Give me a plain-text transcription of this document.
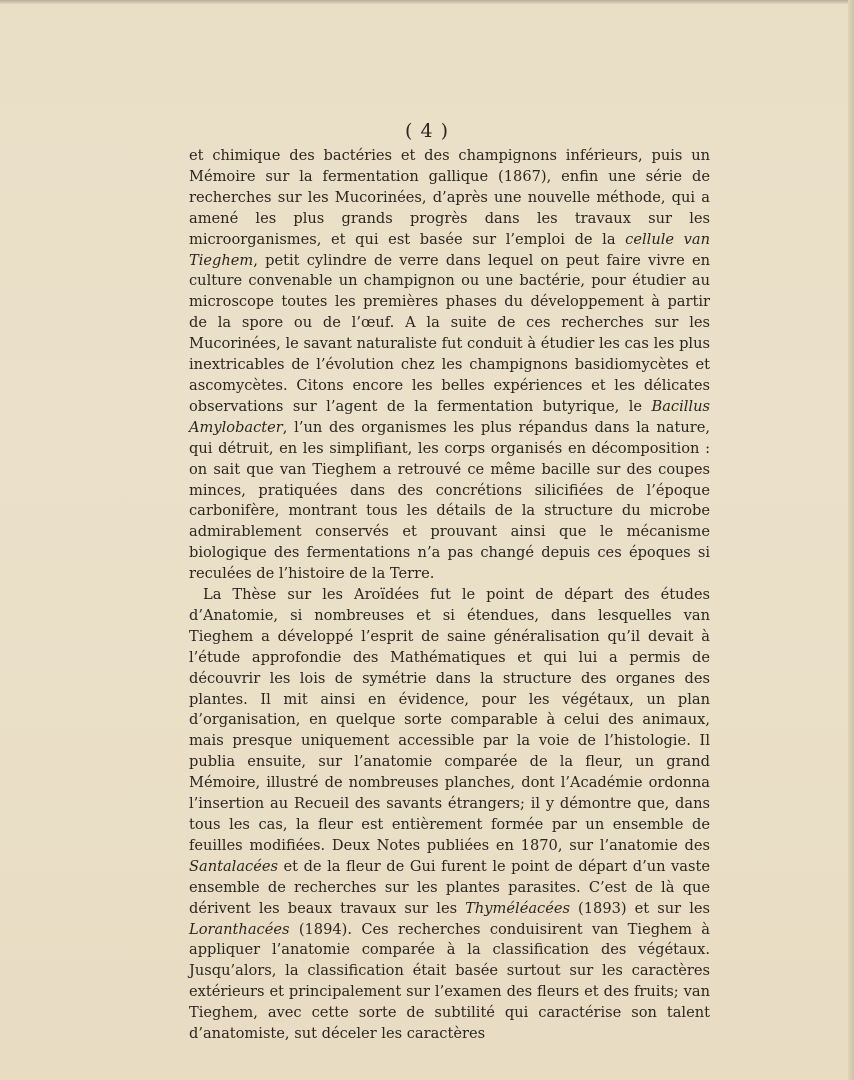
( 4 )

et chimique des bactéries et des champignons inférieurs, puis un Mémoire sur la fermentation gallique (1867), enfin une série de recherches sur les Mucorinées, d’après une nouvelle méthode, qui a amené les plus grands progrès dans les travaux sur les microorganismes, et qui est basée sur l’emploi de la cellule van Tieghem, petit cylindre de verre dans lequel on peut faire vivre en culture convenable un champignon ou une bactérie, pour étudier au microscope toutes les premières phases du développement à partir de la spore ou de l’œuf. A la suite de ces recherches sur les Mucorinées, le savant naturaliste fut conduit à étudier les cas les plus inextricables de l’évolution chez les champignons basidiomycètes et ascomycètes. Citons encore les belles expériences et les délicates observations sur l’agent de la fermentation butyrique, le Bacillus Amylobacter, l’un des organismes les plus répandus dans la nature, qui détruit, en les simplifiant, les corps organisés en décomposition : on sait que van Tieghem a retrouvé ce même bacille sur des coupes minces, pratiquées dans des concrétions silicifiées de l’époque carbonifère, montrant tous les détails de la structure du microbe admirablement conservés et prouvant ainsi que le mécanisme biologique des fermentations n’a pas changé depuis ces époques si reculées de l’histoire de la Terre.

La Thèse sur les Aroïdées fut le point de départ des études d’Anatomie, si nombreuses et si étendues, dans lesquelles van Tieghem a développé l’esprit de saine généralisation qu’il devait à l’étude approfondie des Mathématiques et qui lui a permis de découvrir les lois de symétrie dans la structure des organes des plantes. Il mit ainsi en évidence, pour les végétaux, un plan d’organisation, en quelque sorte comparable à celui des animaux, mais presque uniquement accessible par la voie de l’histologie. Il publia ensuite, sur l’anatomie comparée de la fleur, un grand Mémoire, illustré de nombreuses planches, dont l’Académie ordonna l’insertion au Recueil des savants étrangers; il y démontre que, dans tous les cas, la fleur est entièrement formée par un ensemble de feuilles modifiées. Deux Notes publiées en 1870, sur l’anatomie des Santalacées et de la fleur de Gui furent le point de départ d’un vaste ensemble de recherches sur les plantes parasites. C’est de là que dérivent les beaux travaux sur les Thyméléacées (1893) et sur les Loranthacées (1894). Ces recherches conduisirent van Tieghem à appliquer l’anatomie comparée à la classification des végétaux. Jusqu’alors, la classification était basée surtout sur les caractères extérieurs et principalement sur l’examen des fleurs et des fruits; van Tieghem, avec cette sorte de subtilité qui caractérise son talent d’anatomiste, sut déceler les caractères
